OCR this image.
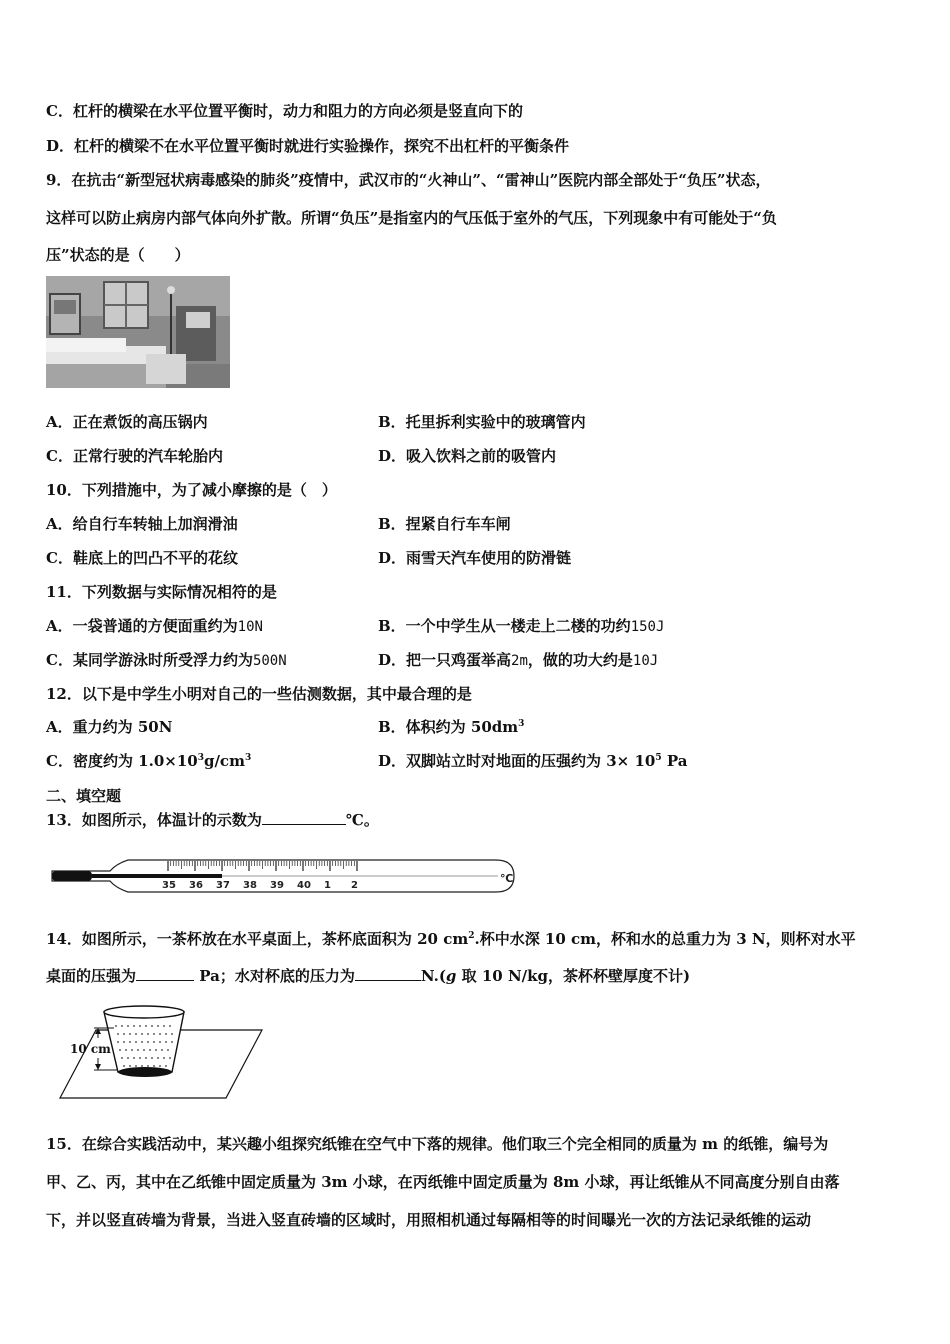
C．杠杆的横梁在水平位置平衡时，动力和阻力的方向必须是竖直向下的
D．杠杆的横梁不在水平位置平衡时就进行实验操作，探究不出杠杆的平衡条件
9．在抗击“新型冠状病毒感染的肺炎”疫情中，武汉市的“火神山”、“雷神山”医院内部全部处于“负压”状态，
这样可以防止病房内部气体向外扩散。所谓“负压”是指室内的气压低于室外的气压，下列现象中有可能处于“负
压”状态的是（　　）
A．正在煮饭的高压锅内	B．托里拆利实验中的玻璃管内
C．正常行驶的汽车轮胎内	D．吸入饮料之前的吸管内
10．下列措施中，为了减小摩擦的是（　）
A．给自行车转轴上加润滑油	B．捏紧自行车车闸
C．鞋底上的凹凸不平的花纹	D．雨雪天汽车使用的防滑链
11．下列数据与实际情况相符的是
A．一袋普通的方便面重约为10N	B．一个中学生从一楼走上二楼的功约150J
C．某同学游泳时所受浮力约为500N	D．把一只鸡蛋举高2m，做的功大约是10J
12．以下是中学生小明对自己的一些估测数据，其中最合理的是
A．重力约为 50N	B．体积约为 $50dm^3$
C．密度约为 $1.0\times 10^3g/cm^3$	D．双脚站立时对地面的压强约为 $3\times 10^5$ Pa
二、填空题
13．如图所示，体温计的示数为	℃。
35 36 37 38 39 40 1 2
℃
14．如图所示，一茶杯放在水平桌面上，茶杯底面积为 20 $cm^2$.杯中水深 10 cm，杯和水的总重力为 3 N，则杯对水平
桌面的压强为	Pa；水对杯底的压力为	N.(g 取 10 N/kg，茶杯杯壁厚度不计)
10 cm
15．在综合实践活动中，某兴趣小组探究纸锥在空气中下落的规律。他们取三个完全相同的质量为 m 的纸锥，编号为
甲、乙、丙，其中在乙纸锥中固定质量为 3m 小球，在丙纸锥中固定质量为 8m 小球，再让纸锥从不同高度分别自由落
下，并以竖直砖墙为背景，当进入竖直砖墙的区域时，用照相机通过每隔相等的时间曝光一次的方法记录纸锥的运动
